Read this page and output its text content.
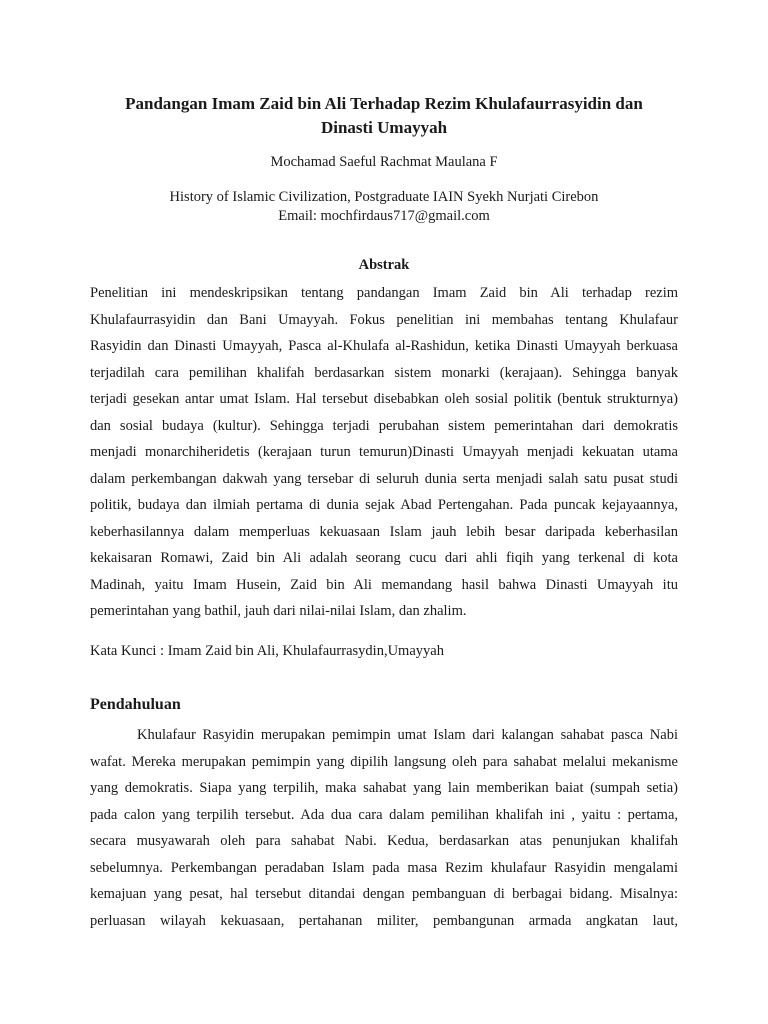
Pandangan Imam Zaid bin Ali Terhadap Rezim Khulafaurrasyidin dan
Dinasti Umayyah

Mochamad Saeful Rachmat Maulana F

History of Islamic Civilization, Postgraduate IAIN Syekh Nurjati Cirebon

Email: mochfirdaus717@gmail.com

Abstrak

Penelitian ini mendeskripsikan tentang pandangan Imam Zaid bin Ali terhadap rezim
Khulafaurrasyidin dan Bani Umayyah. Fokus penelitian ini membahas tentang Khulafaur
Rasyidin dan Dinasti Umayyah, Pasca al-Khulafa al-Rashidun, ketika Dinasti Umayyah berkuasa
terjadilah cara pemilihan khalifah berdasarkan sistem monarki (kerajaan). Sehingga banyak
terjadi gesekan antar umat Islam. Hal tersebut disebabkan oleh sosial politik (bentuk strukturnya)
dan sosial budaya (kultur). Sehingga terjadi perubahan sistem pemerintahan dari demokratis
menjadi monarchiheridetis (kerajaan turun temurun)Dinasti Umayyah menjadi kekuatan utama
dalam perkembangan dakwah yang tersebar di seluruh dunia serta menjadi salah satu pusat studi
politik, budaya dan ilmiah pertama di dunia sejak Abad Pertengahan. Pada puncak kejayaannya,
keberhasilannya dalam memperluas kekuasaan Islam jauh lebih besar daripada keberhasilan
kekaisaran Romawi, Zaid bin Ali adalah seorang cucu dari ahli fiqih yang terkenal di kota
Madinah, yaitu Imam Husein, Zaid bin Ali memandang hasil bahwa Dinasti Umayyah itu
pemerintahan yang bathil, jauh dari nilai-nilai Islam, dan zhalim.

Kata Kunci : Imam Zaid bin Ali, Khulafaurrasydin,Umayyah

Pendahuluan

Khulafaur Rasyidin merupakan pemimpin umat Islam dari kalangan sahabat pasca Nabi
wafat. Mereka merupakan pemimpin yang dipilih langsung oleh para sahabat melalui mekanisme
yang demokratis. Siapa yang terpilih, maka sahabat yang lain memberikan baiat (sumpah setia)
pada calon yang terpilih tersebut. Ada dua cara dalam pemilihan khalifah ini , yaitu : pertama,
secara musyawarah oleh para sahabat Nabi. Kedua, berdasarkan atas penunjukan khalifah
sebelumnya. Perkembangan peradaban Islam pada masa Rezim khulafaur Rasyidin mengalami
kemajuan yang pesat, hal tersebut ditandai dengan pembanguan di berbagai bidang. Misalnya:
perluasan wilayah kekuasaan, pertahanan militer, pembangunan armada angkatan laut,
